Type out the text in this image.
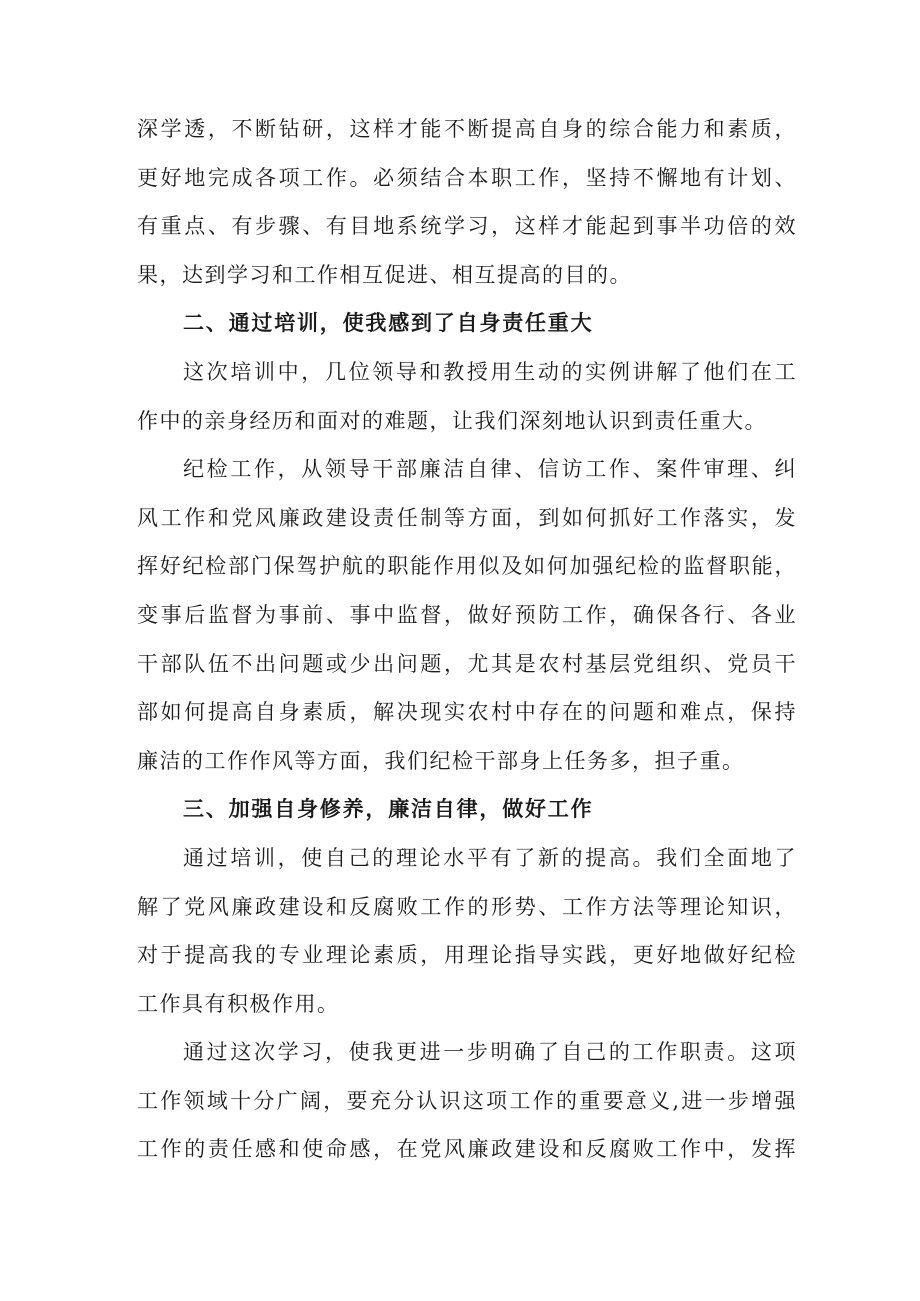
深学透，不断钻研，这样才能不断提高自身的综合能力和素质，
更好地完成各项工作。必须结合本职工作，坚持不懈地有计划、
有重点、有步骤、有目地系统学习，这样才能起到事半功倍的效
果，达到学习和工作相互促进、相互提高的目的。
二、通过培训，使我感到了自身责任重大
这次培训中，几位领导和教授用生动的实例讲解了他们在工
作中的亲身经历和面对的难题，让我们深刻地认识到责任重大。
纪检工作，从领导干部廉洁自律、信访工作、案件审理、纠
风工作和党风廉政建设责任制等方面，到如何抓好工作落实，发
挥好纪检部门保驾护航的职能作用似及如何加强纪检的监督职能，
变事后监督为事前、事中监督，做好预防工作，确保各行、各业
干部队伍不出问题或少出问题，尤其是农村基层党组织、党员干
部如何提高自身素质，解决现实农村中存在的问题和难点，保持
廉洁的工作作风等方面，我们纪检干部身上任务多，担子重。
三、加强自身修养，廉洁自律，做好工作
通过培训，使自己的理论水平有了新的提高。我们全面地了
解了党风廉政建设和反腐败工作的形势、工作方法等理论知识，
对于提高我的专业理论素质，用理论指导实践，更好地做好纪检
工作具有积极作用。
通过这次学习，使我更进一步明确了自己的工作职责。这项
工作领域十分广阔，要充分认识这项工作的重要意义,进一步增强
工作的责任感和使命感，在党风廉政建设和反腐败工作中，发挥
